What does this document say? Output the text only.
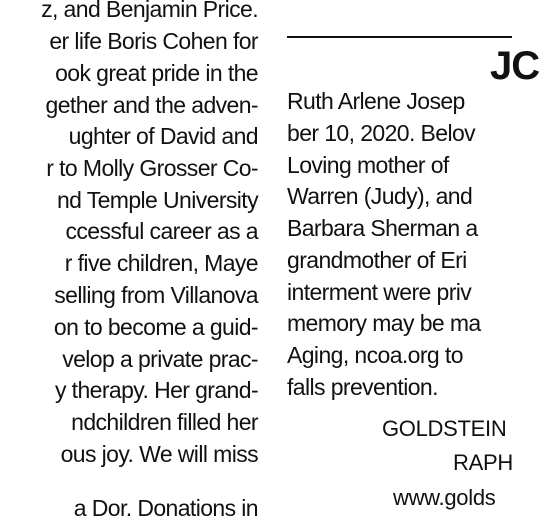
z, and Benjamin Price.
er life Boris Cohen for
ook great pride in the
gether and the adven-
ughter of David and
r to Molly Grosser Co-
nd Temple University
ccessful career as a
r five children, Maye
selling from Villanova
on to become a guid-
velop a private prac-
y therapy. Her grand-
ndchildren filled her
ous joy. We will miss
a Dor. Donations in
JC
Ruth Arlene Josep
ber 10, 2020. Belov
Loving mother of
Warren (Judy), and
Barbara Sherman a
grandmother of Eri
interment were priv
memory may be ma
Aging, ncoa.org to
falls prevention.
GOLDSTEIN
RAPH
www.golds
